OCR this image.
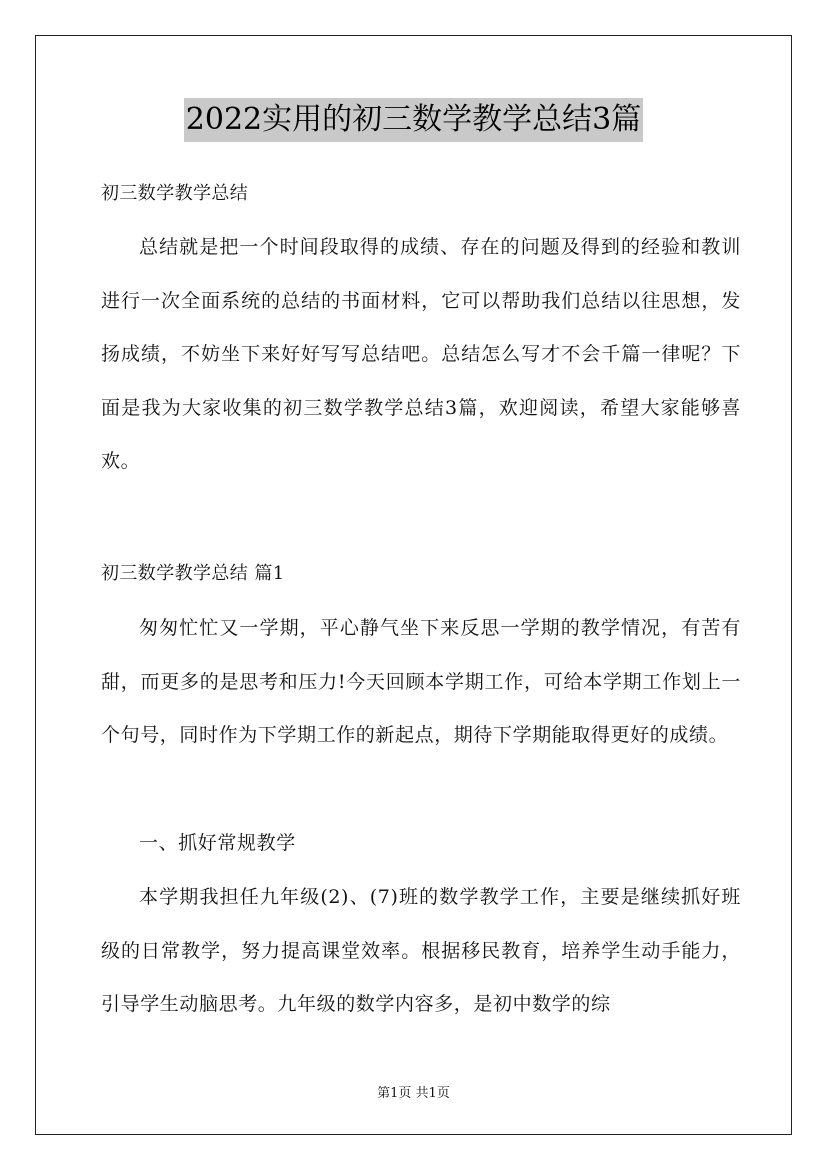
2022实用的初三数学教学总结3篇

初三数学教学总结

总结就是把一个时间段取得的成绩、存在的问题及得到的经验和教训进行一次全面系统的总结的书面材料，它可以帮助我们总结以往思想，发扬成绩，不妨坐下来好好写写总结吧。总结怎么写才不会千篇一律呢？下面是我为大家收集的初三数学教学总结3篇，欢迎阅读，希望大家能够喜欢。

初三数学教学总结 篇1

匆匆忙忙又一学期，平心静气坐下来反思一学期的教学情况，有苦有甜，而更多的是思考和压力!今天回顾本学期工作，可给本学期工作划上一个句号，同时作为下学期工作的新起点，期待下学期能取得更好的成绩。

一、抓好常规教学

本学期我担任九年级(2)、(7)班的数学教学工作，主要是继续抓好班级的日常教学，努力提高课堂效率。根据移民教育，培养学生动手能力，引导学生动脑思考。九年级的数学内容多，是初中数学的综

第1页 共1页
